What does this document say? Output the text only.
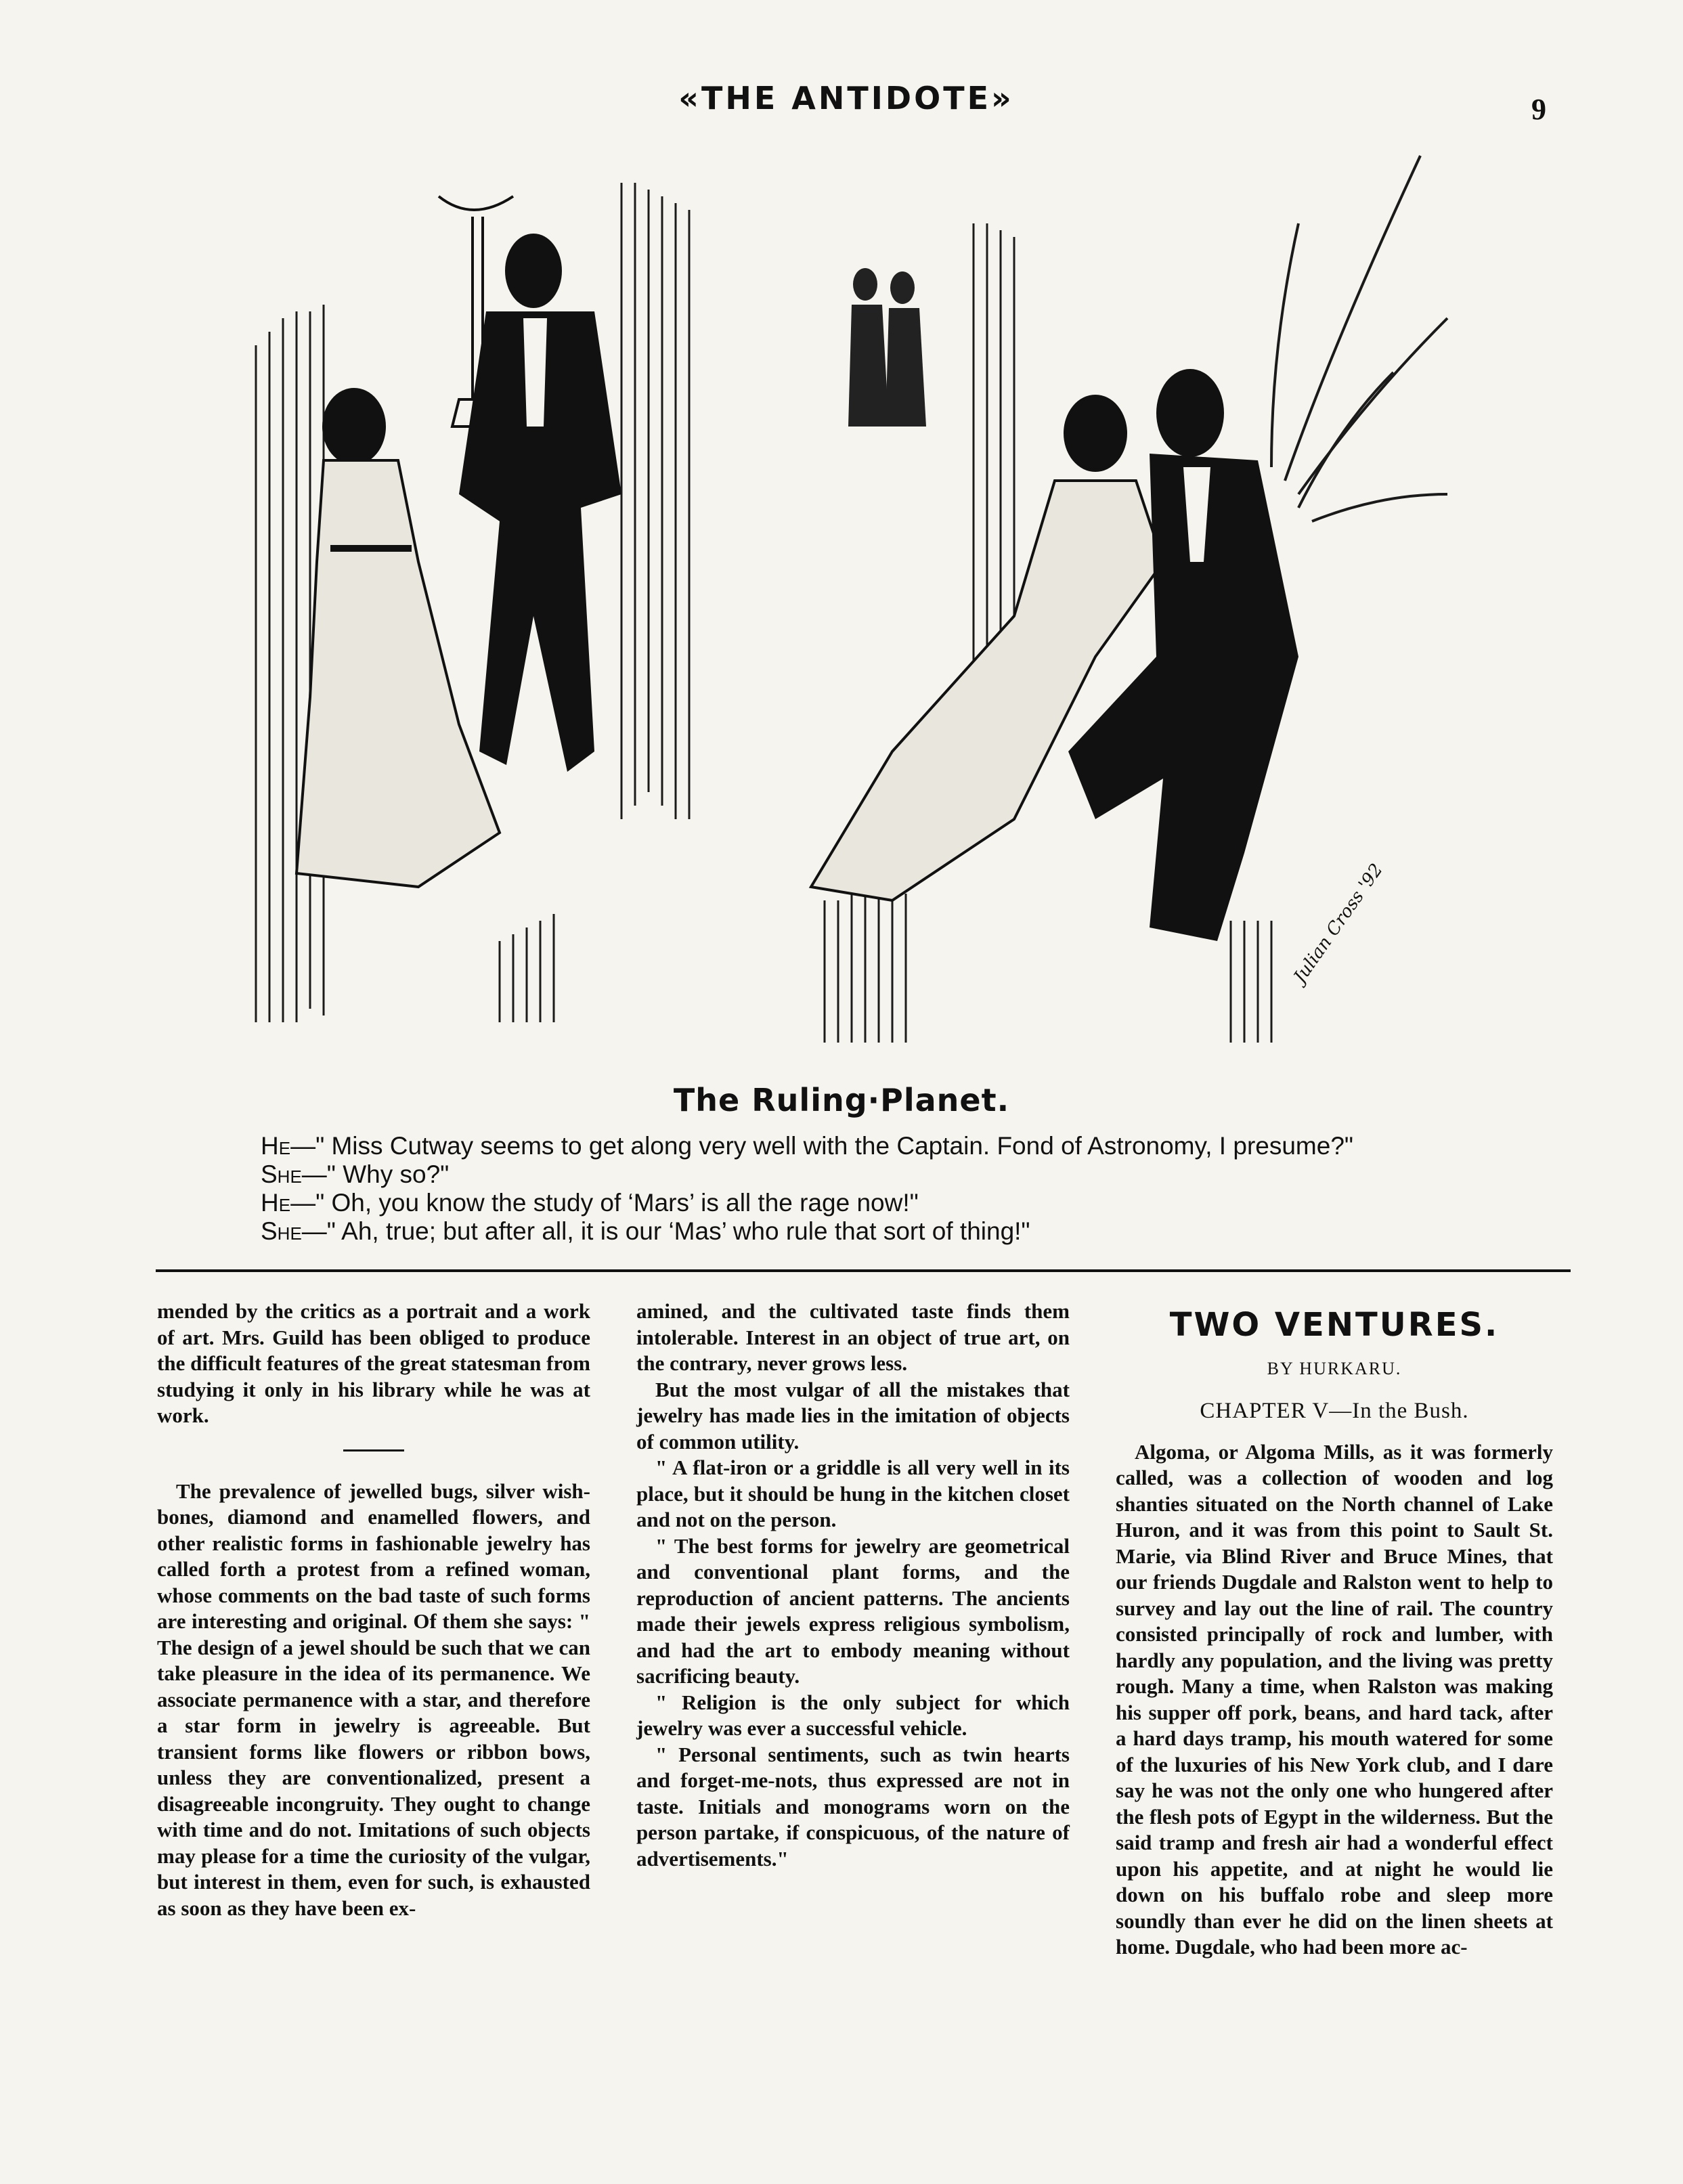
«THE ANTIDOTE»	9
Julian Cross '92
The Ruling·Planet.
He—" Miss Cutway seems to get along very well with the Captain. Fond of Astronomy, I presume?"
She—" Why so?"
He—" Oh, you know the study of ‘Mars’ is all the rage now!"
She—" Ah, true; but after all, it is our ‘Mas’ who rule that sort of thing!"

mended by the critics as a portrait and a work of art. Mrs. Guild has been obliged to produce the difficult features of the great statesman from studying it only in his library while he was at work.

The prevalence of jewelled bugs, silver wish-bones, diamond and enamelled flowers, and other realistic forms in fashionable jewelry has called forth a protest from a refined woman, whose comments on the bad taste of such forms are interesting and original. Of them she says: " The design of a jewel should be such that we can take pleasure in the idea of its permanence. We associate permanence with a star, and therefore a star form in jewelry is agreeable. But transient forms like flowers or ribbon bows, unless they are conventionalized, present a disagreeable incongruity. They ought to change with time and do not. Imitations of such objects may please for a time the curiosity of the vulgar, but interest in them, even for such, is exhausted as soon as they have been ex-

amined, and the cultivated taste finds them intolerable. Interest in an object of true art, on the contrary, never grows less.

But the most vulgar of all the mistakes that jewelry has made lies in the imitation of objects of common utility.

" A flat-iron or a griddle is all very well in its place, but it should be hung in the kitchen closet and not on the person.

" The best forms for jewelry are geometrical and conventional plant forms, and the reproduction of ancient patterns. The ancients made their jewels express religious symbolism, and had the art to embody meaning without sacrificing beauty.

" Religion is the only subject for which jewelry was ever a successful vehicle.

" Personal sentiments, such as twin hearts and forget-me-nots, thus expressed are not in taste. Initials and monograms worn on the person partake, if conspicuous, of the nature of advertisements."

TWO VENTURES.
BY HURKARU.
CHAPTER V—In the Bush.

Algoma, or Algoma Mills, as it was formerly called, was a collection of wooden and log shanties situated on the North channel of Lake Huron, and it was from this point to Sault St. Marie, via Blind River and Bruce Mines, that our friends Dugdale and Ralston went to help to survey and lay out the line of rail. The country consisted principally of rock and lumber, with hardly any population, and the living was pretty rough. Many a time, when Ralston was making his supper off pork, beans, and hard tack, after a hard days tramp, his mouth watered for some of the luxuries of his New York club, and I dare say he was not the only one who hungered after the flesh pots of Egypt in the wilderness. But the said tramp and fresh air had a wonderful effect upon his appetite, and at night he would lie down on his buffalo robe and sleep more soundly than ever he did on the linen sheets at home. Dugdale, who had been more ac-
